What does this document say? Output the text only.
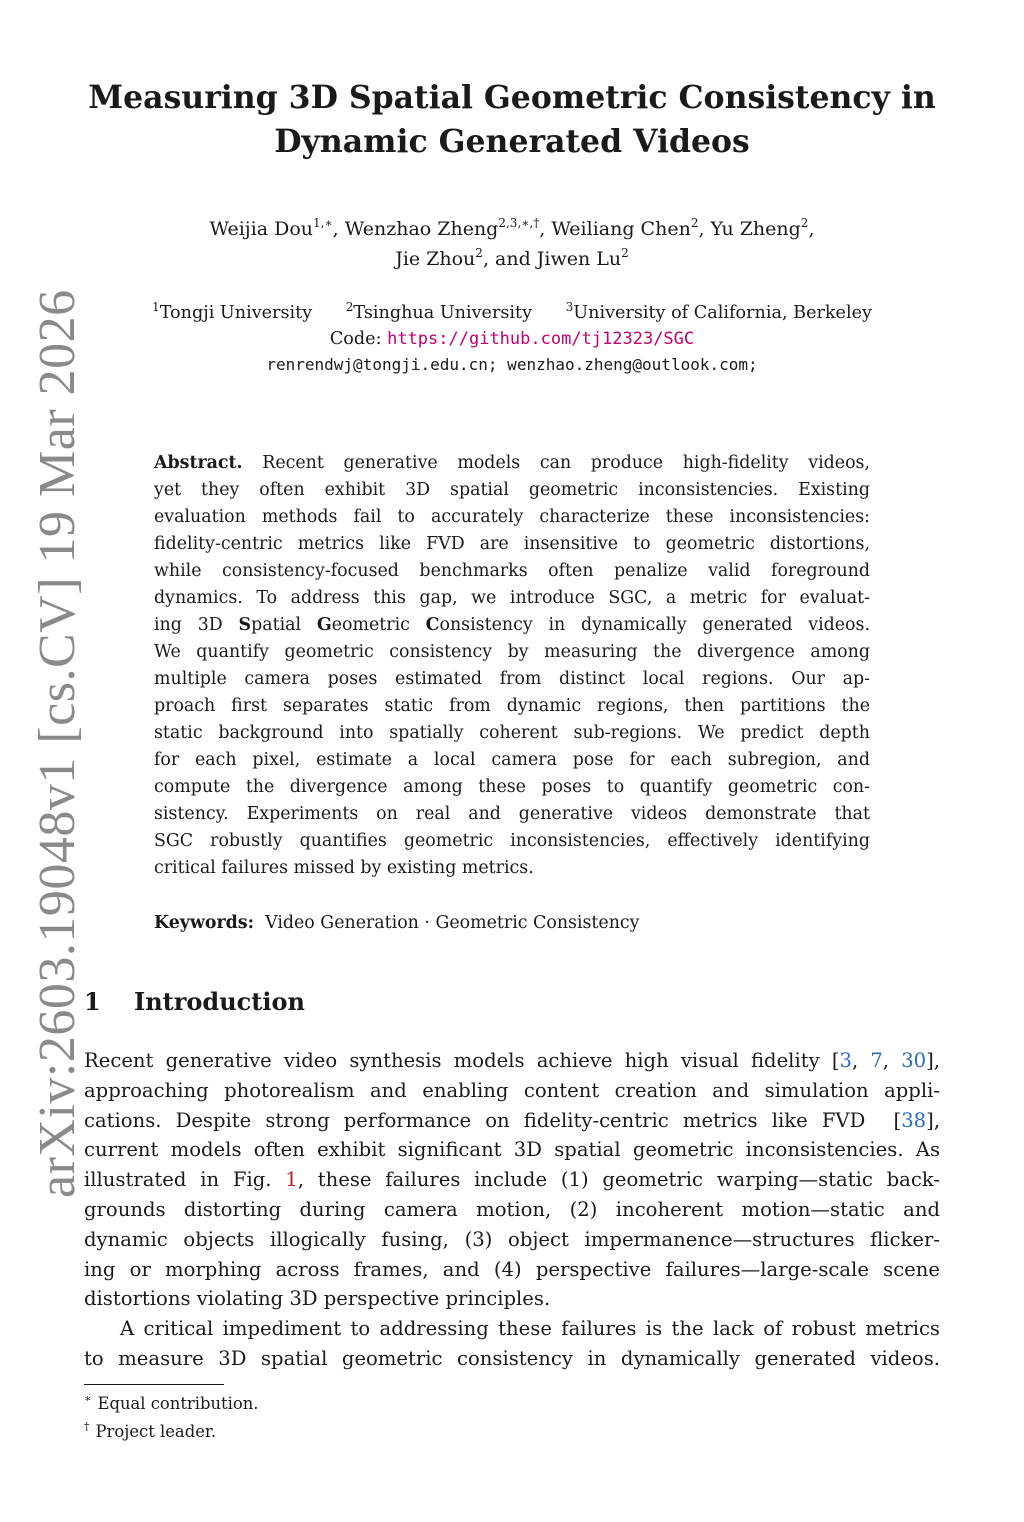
arXiv:2603.19048v1 [cs.CV] 19 Mar 2026
Measuring 3D Spatial Geometric Consistency in
Dynamic Generated Videos
Weijia Dou$^{1,∗}$, Wenzhao Zheng$^{2,3,∗,\dagger}$, Weiliang Chen$^2$, Yu Zheng$^2$,
Jie Zhou$^2$, and Jiwen Lu$^2$
$^1$Tongji University	$^2$Tsinghua University	$^3$University of California, Berkeley
Code: https://github.com/tj12323/SGC
renrendwj@tongji.edu.cn; wenzhao.zheng@outlook.com;
Abstract. Recent generative models can produce high-fidelity videos,
yet they often exhibit 3D spatial geometric inconsistencies. Existing
evaluation methods fail to accurately characterize these inconsistencies:
fidelity-centric metrics like FVD are insensitive to geometric distortions,
while consistency-focused benchmarks often penalize valid foreground
dynamics. To address this gap, we introduce SGC, a metric for evaluat-
ing 3D Spatial Geometric Consistency in dynamically generated videos.
We quantify geometric consistency by measuring the divergence among
multiple camera poses estimated from distinct local regions. Our ap-
proach first separates static from dynamic regions, then partitions the
static background into spatially coherent sub-regions. We predict depth
for each pixel, estimate a local camera pose for each subregion, and
compute the divergence among these poses to quantify geometric con-
sistency. Experiments on real and generative videos demonstrate that
SGC robustly quantifies geometric inconsistencies, effectively identifying
critical failures missed by existing metrics.
Keywords:  Video Generation · Geometric Consistency
1 Introduction
Recent generative video synthesis models achieve high visual fidelity [3, 7, 30],
approaching photorealism and enabling content creation and simulation appli-
cations. Despite strong performance on fidelity-centric metrics like FVD  [38],
current models often exhibit significant 3D spatial geometric inconsistencies. As
illustrated in Fig. 1, these failures include (1) geometric warping—static back-
grounds distorting during camera motion, (2) incoherent motion—static and
dynamic objects illogically fusing, (3) object impermanence—structures flicker-
ing or morphing across frames, and (4) perspective failures—large-scale scene
distortions violating 3D perspective principles.
A critical impediment to addressing these failures is the lack of robust metrics
to measure 3D spatial geometric consistency in dynamically generated videos.
∗ Equal contribution.
† Project leader.
